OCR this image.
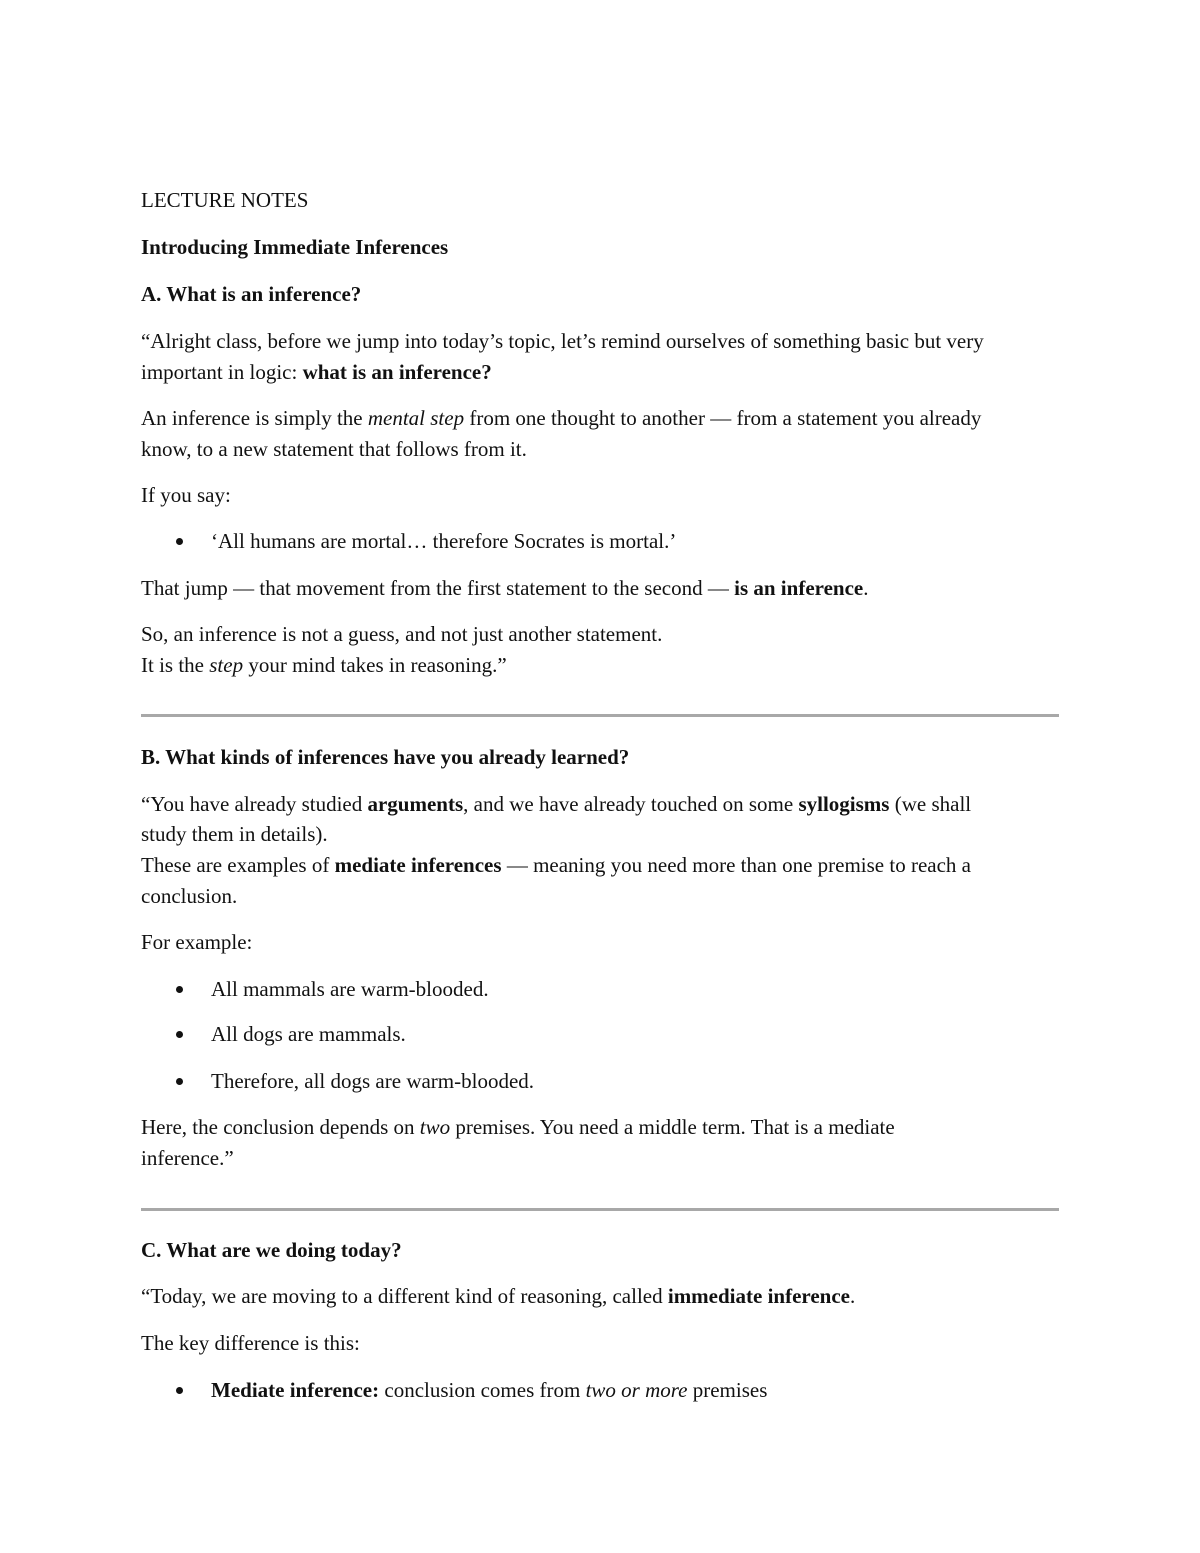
LECTURE NOTES

Introducing Immediate Inferences

A. What is an inference?

“Alright class, before we jump into today’s topic, let’s remind ourselves of something basic but very

important in logic: what is an inference?

An inference is simply the mental step from one thought to another — from a statement you already

know, to a new statement that follows from it.

If you say:

‘All humans are mortal… therefore Socrates is mortal.’

That jump — that movement from the first statement to the second — is an inference.

So, an inference is not a guess, and not just another statement.

It is the step your mind takes in reasoning.”

B. What kinds of inferences have you already learned?

“You have already studied arguments, and we have already touched on some syllogisms (we shall

study them in details).

These are examples of mediate inferences — meaning you need more than one premise to reach a

conclusion.

For example:

All mammals are warm-blooded.

All dogs are mammals.

Therefore, all dogs are warm-blooded.

Here, the conclusion depends on two premises. You need a middle term. That is a mediate

inference.”

C. What are we doing today?

“Today, we are moving to a different kind of reasoning, called immediate inference.

The key difference is this:

Mediate inference: conclusion comes from two or more premises
